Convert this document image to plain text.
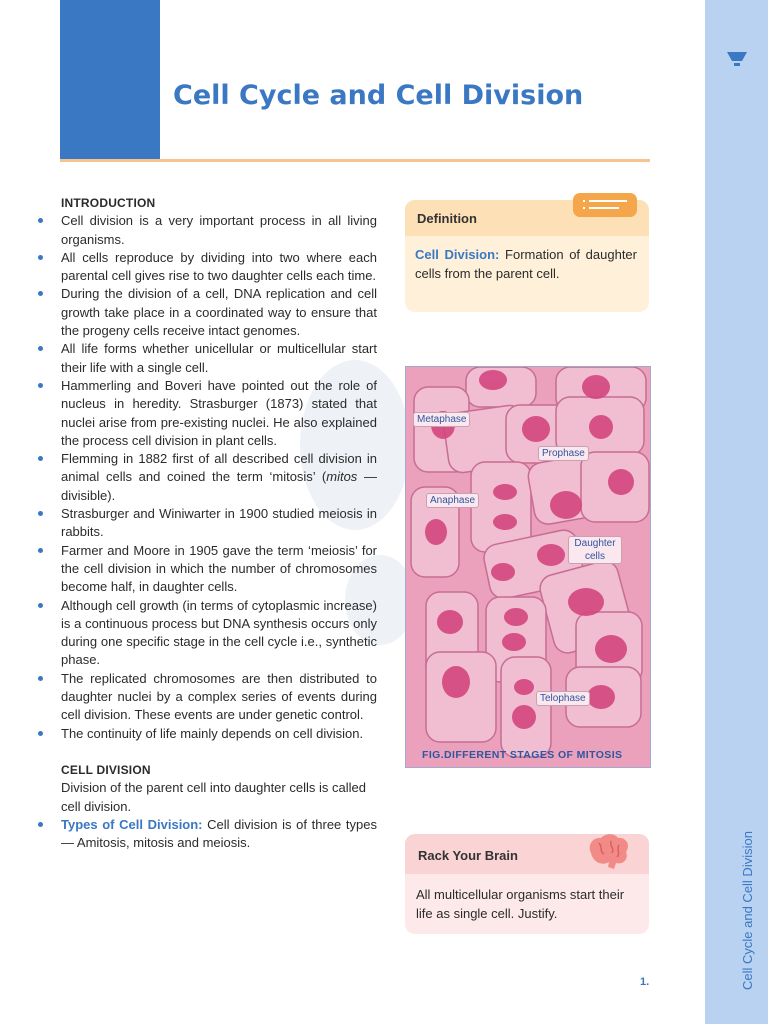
Cell Cycle and Cell Division
Cell Cycle and Cell Division

INTRODUCTION

Cell division is a very important process in all living organisms.
All cells reproduce by dividing into two where each parental cell gives rise to two daughter cells each time.
During the division of a cell, DNA replication and cell growth take place in a coordinated way to ensure that the progeny cells receive intact genomes.
All life forms whether unicellular or multicellular start their life with a single cell.
Hammerling and Boveri have pointed out the role of nucleus in heredity. Strasburger (1873) stated that nuclei arise from pre-existing nuclei. He also explained the process cell division in plant cells.
Flemming in 1882 first of all described cell division in animal cells and coined the term ‘mitosis’ (mitos — divisible).
Strasburger and Winiwarter in 1900 studied meiosis in rabbits.
Farmer and Moore in 1905 gave the term ‘meiosis’ for the cell division in which the number of chromosomes become half, in daughter cells.
Although cell growth (in terms of cytoplasmic increase) is a continuous process but DNA synthesis occurs only during one specific stage in the cell cycle i.e., synthetic phase.
The replicated chromosomes are then distributed to daughter nuclei by a complex series of events during cell division. These events are under genetic control.
The continuity of life mainly depends on cell division.

CELL DIVISION

Division of the parent cell into daughter cells is called cell division.
Types of Cell Division: Cell division is of three types— Amitosis, mitosis and meiosis.
Definition
Cell Division: Formation of daughter cells from the parent cell.
Metaphase
Prophase
Anaphase
Daughter cells
Telophase
FIG.DIFFERENT STAGES OF MITOSIS
Rack Your Brain
All multicellular organisms start their life as single cell. Justify.
1.
